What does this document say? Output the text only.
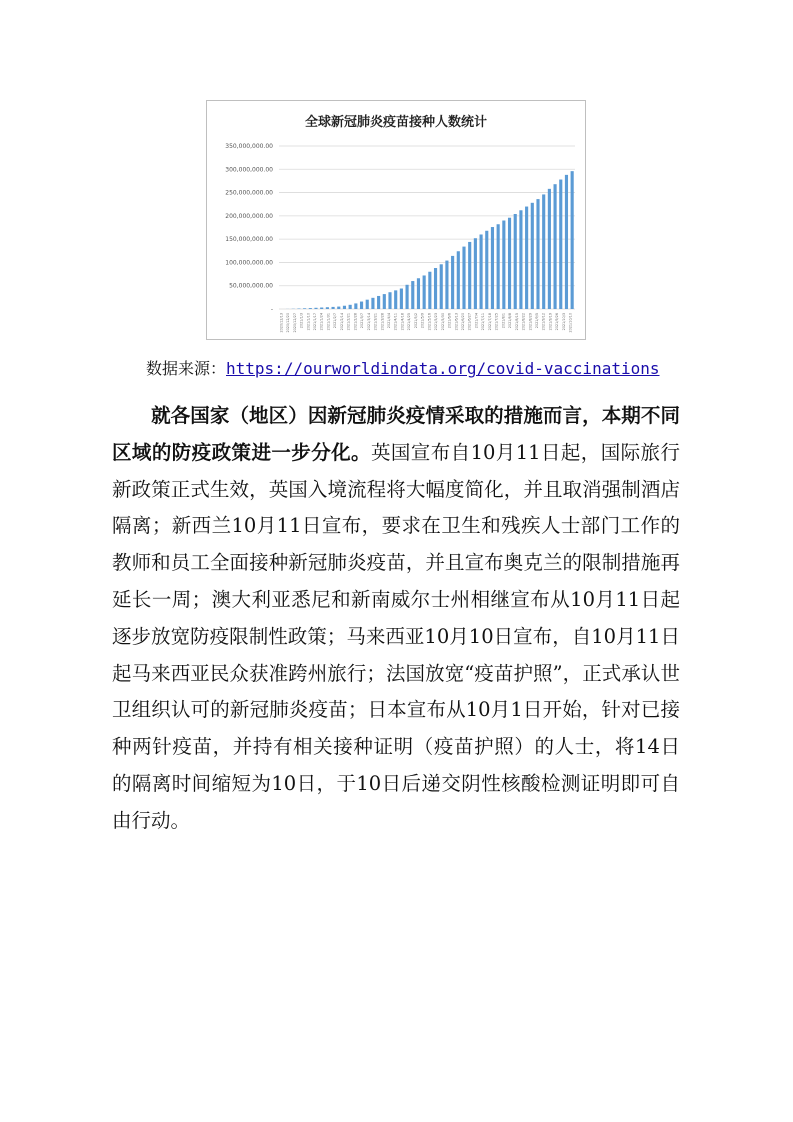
全球新冠肺炎疫苗接种人数统计
-
50,000,000.00
100,000,000.00
150,000,000.00
200,000,000.00
250,000,000.00
300,000,000.00
350,000,000.00
2020/12/13 2020/12/20 2020/12/27 2021/1/3 2021/1/10 2021/1/17 2021/1/24 2021/1/31 2021/2/7 2021/2/14 2021/2/21 2021/2/28 2021/3/7 2021/3/14 2021/3/21 2021/3/28 2021/4/4 2021/4/11 2021/4/18 2021/4/25 2021/5/2 2021/5/9 2021/5/16 2021/5/23 2021/5/30 2021/6/6 2021/6/13 2021/6/20 2021/6/27 2021/7/4 2021/7/11 2021/7/18 2021/7/25 2021/8/1 2021/8/8 2021/8/15 2021/8/22 2021/8/29 2021/9/5 2021/9/12 2021/9/19 2021/9/26 2021/10/3 2021/10/10
数据来源：https://ourworldindata.org/covid-vaccinations
就各国家（地区）因新冠肺炎疫情采取的措施而言，本期不同区域的防疫政策进一步分化。英国宣布自10月11日起，国际旅行新政策正式生效，英国入境流程将大幅度简化，并且取消强制酒店隔离；新西兰10月11日宣布，要求在卫生和残疾人士部门工作的教师和员工全面接种新冠肺炎疫苗，并且宣布奥克兰的限制措施再延长一周；澳大利亚悉尼和新南威尔士州相继宣布从10月11日起逐步放宽防疫限制性政策；马来西亚10月10日宣布，自10月11日起马来西亚民众获准跨州旅行；法国放宽“疫苗护照”，正式承认世卫组织认可的新冠肺炎疫苗；日本宣布从10月1日开始，针对已接种两针疫苗，并持有相关接种证明（疫苗护照）的人士，将14日的隔离时间缩短为10日，于10日后递交阴性核酸检测证明即可自由行动。
